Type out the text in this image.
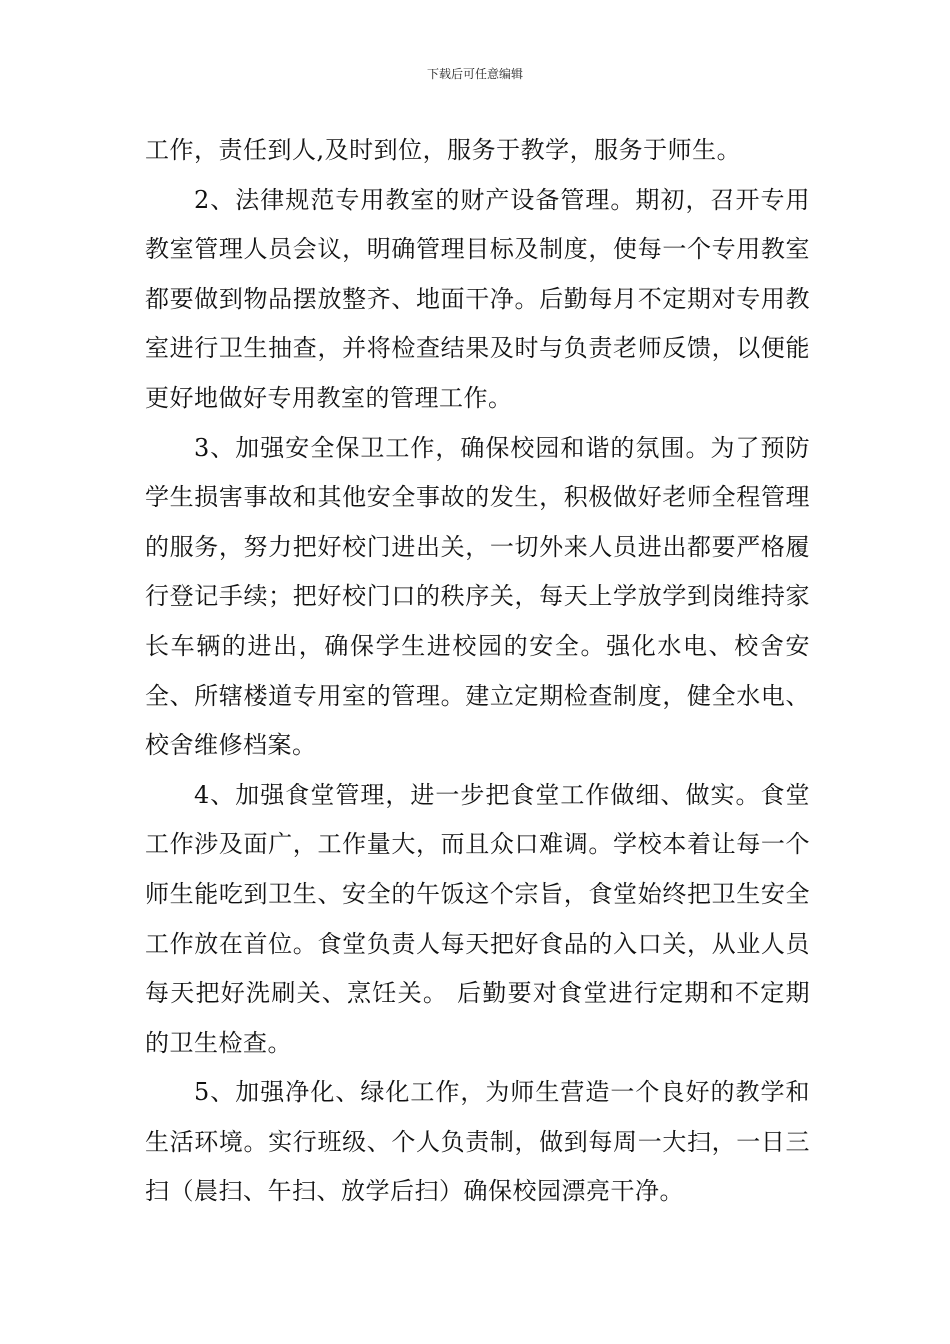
下载后可任意编辑

工作，责任到人,及时到位，服务于教学，服务于师生。

2、法律规范专用教室的财产设备管理。期初，召开专用教室管理人员会议，明确管理目标及制度，使每一个专用教室都要做到物品摆放整齐、地面干净。后勤每月不定期对专用教室进行卫生抽查，并将检查结果及时与负责老师反馈，以便能更好地做好专用教室的管理工作。

3、加强安全保卫工作，确保校园和谐的氛围。为了预防学生损害事故和其他安全事故的发生，积极做好老师全程管理的服务，努力把好校门进出关，一切外来人员进出都要严格履行登记手续；把好校门口的秩序关，每天上学放学到岗维持家长车辆的进出，确保学生进校园的安全。强化水电、校舍安全、所辖楼道专用室的管理。建立定期检查制度，健全水电、校舍维修档案。

4、加强食堂管理，进一步把食堂工作做细、做实。食堂工作涉及面广，工作量大，而且众口难调。学校本着让每一个师生能吃到卫生、安全的午饭这个宗旨，食堂始终把卫生安全工作放在首位。食堂负责人每天把好食品的入口关，从业人员每天把好洗刷关、烹饪关。 后勤要对食堂进行定期和不定期的卫生检查。

5、加强净化、绿化工作，为师生营造一个良好的教学和生活环境。实行班级、个人负责制，做到每周一大扫，一日三扫（晨扫、午扫、放学后扫）确保校园漂亮干净。
